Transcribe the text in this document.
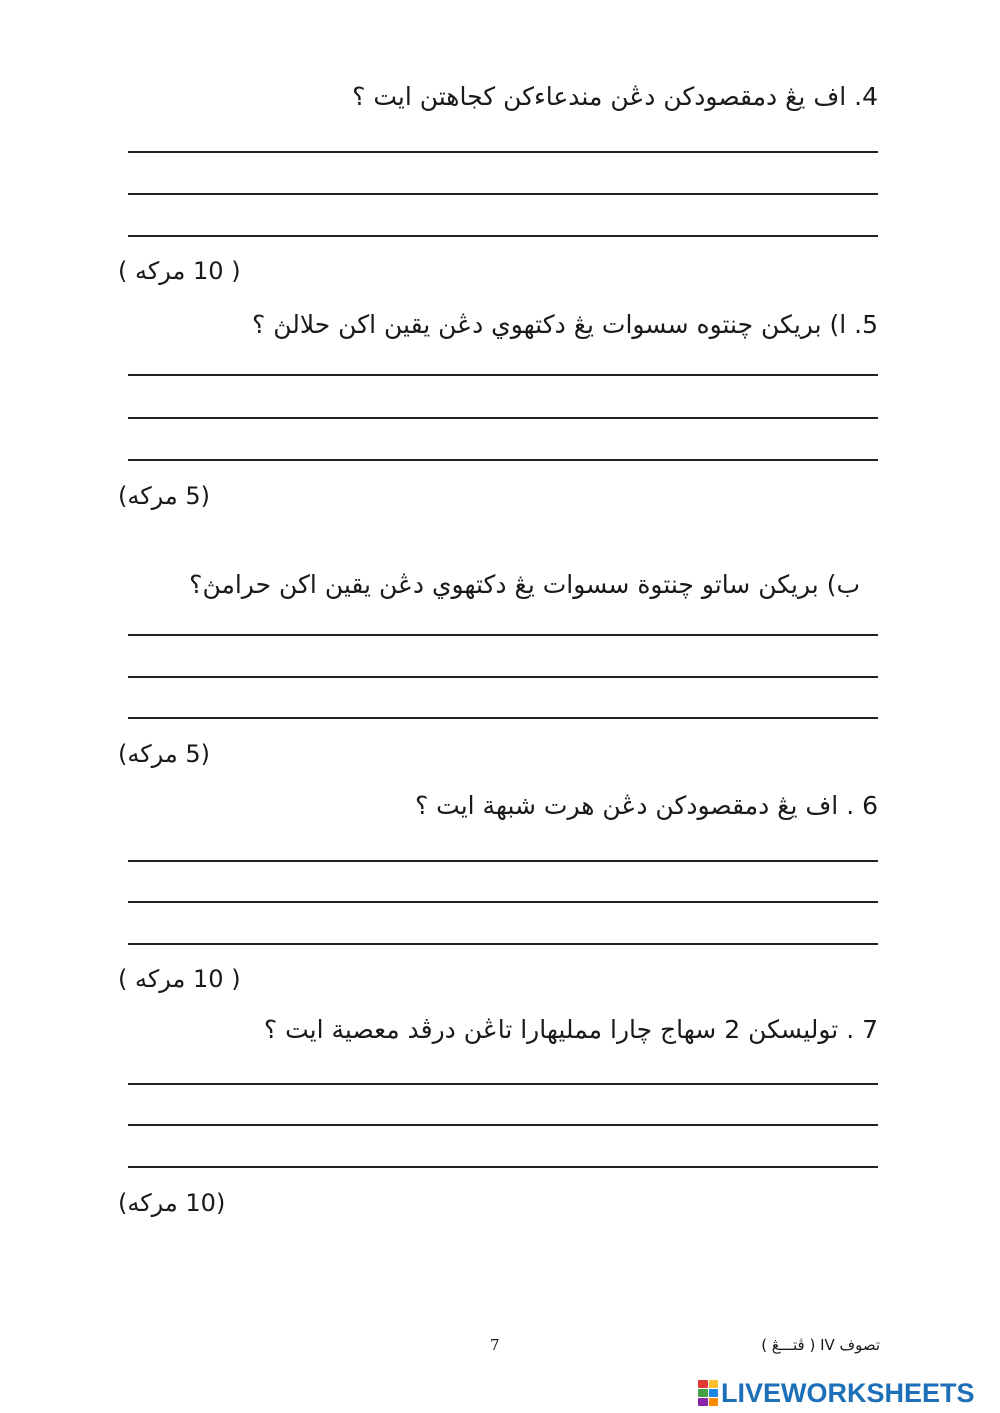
4. اف يڠ دمقصودکن دڠن مندعاءکن کجاهتن ايت ؟
( 10 مرکه )
5. ا) بريکن چنتوه سسوات يڠ دکتهوي دڠن يقين اکن حلالڽ ؟
(5 مرکه)
ب) بريکن ساتو چنتوة سسوات يڠ دکتهوي دڠن يقين اکن حرامڽ؟
(5 مرکه)
6 . اف يڠ دمقصودکن دڠن هرت شبهة ايت ؟
( 10 مرکه )
7 . توليسکن 2 سهاج چارا مملیهارا تاڠن درڤد معصية ايت ؟
(10 مرکه)
7	تصوف IV ( ڤتـــڠ )
LIVEWORKSHEETS
